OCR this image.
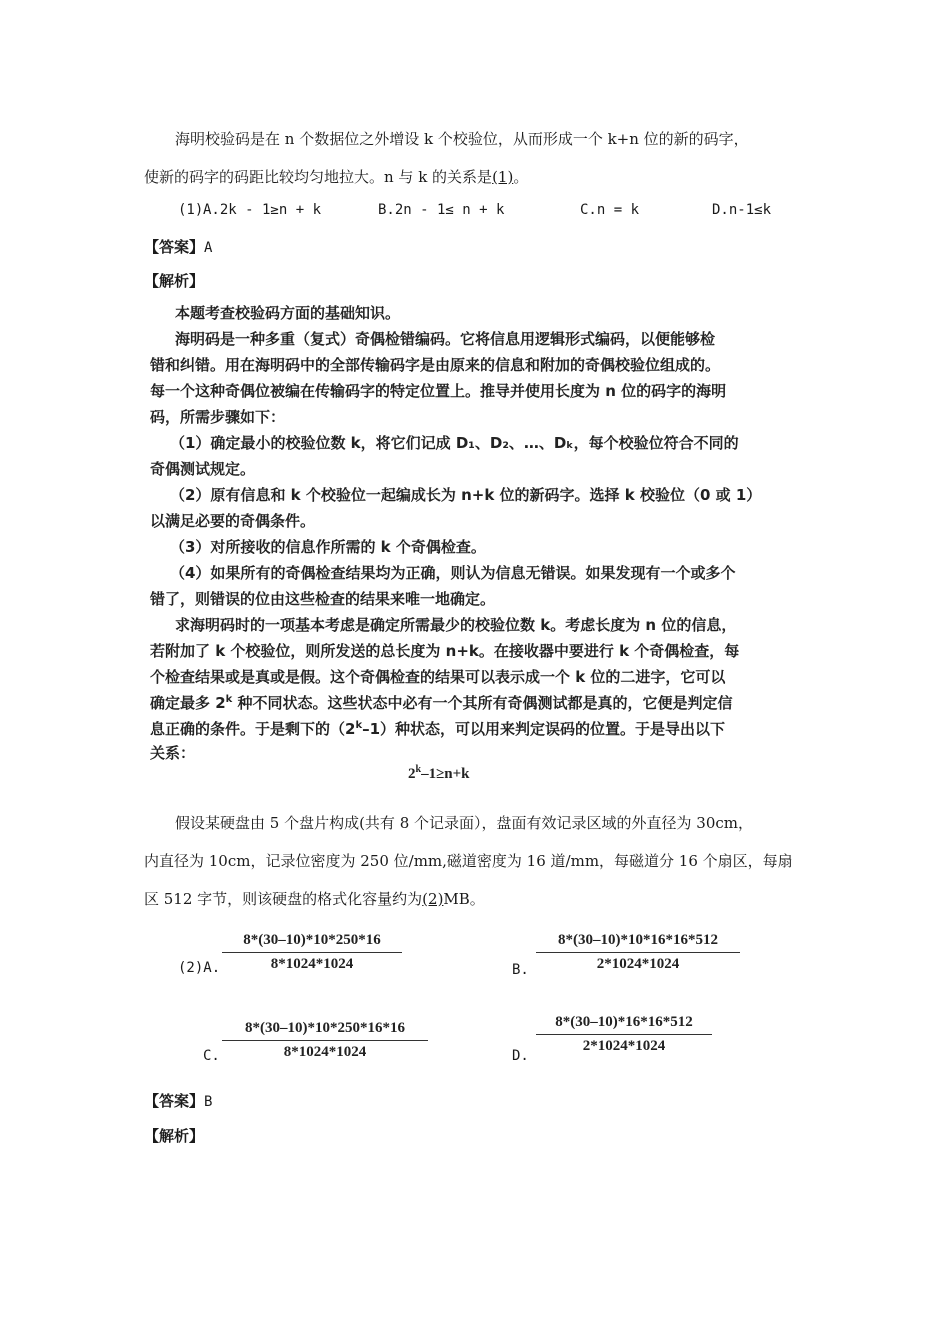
海明校验码是在 n 个数据位之外增设 k 个校验位，从而形成一个 k+n 位的新的码字，
使新的码字的码距比较均匀地拉大。n 与 k 的关系是(1)。
(1) A.2k - 1≥n + k	B.2n - 1≤ n + k	C.n = k	D.n-1≤k
【答案】A
【解析】
本题考查校验码方面的基础知识。
海明码是一种多重（复式）奇偶检错编码。它将信息用逻辑形式编码，以便能够检
错和纠错。用在海明码中的全部传输码字是由原来的信息和附加的奇偶校验位组成的。
每一个这种奇偶位被编在传输码字的特定位置上。推导并使用长度为 n 位的码字的海明
码，所需步骤如下：
（1）确定最小的校验位数 k，将它们记成 D₁、D₂、…、Dₖ，每个校验位符合不同的
奇偶测试规定。
（2）原有信息和 k 个校验位一起编成长为 n+k 位的新码字。选择 k 校验位（0 或 1）
以满足必要的奇偶条件。
（3）对所接收的信息作所需的 k 个奇偶检查。
（4）如果所有的奇偶检查结果均为正确，则认为信息无错误。如果发现有一个或多个
错了，则错误的位由这些检查的结果来唯一地确定。
求海明码时的一项基本考虑是确定所需最少的校验位数 k。考虑长度为 n 位的信息，
若附加了 k 个校验位，则所发送的总长度为 n+k。在接收器中要进行 k 个奇偶检查，每
个检查结果或是真或是假。这个奇偶检查的结果可以表示成一个 k 位的二进字，它可以
确定最多 2$^k$ 种不同状态。这些状态中必有一个其所有奇偶测试都是真的，它便是判定信
息正确的条件。于是剩下的（2$^k$–1）种状态，可以用来判定误码的位置。于是导出以下
关系：
$2^k-1\ge n+k$
假设某硬盘由 5 个盘片构成(共有 8 个记录面），盘面有效记录区域的外直径为 30cm，
内直径为 10cm，记录位密度为 250 位/mm,磁道密度为 16 道/mm，每磁道分 16 个扇区，每扇
区 512 字节，则该硬盘的格式化容量约为(2)MB。
(2)A. $\frac{8*(30-10)*10*250*16}{8*1024*1024}$	B. $\frac{8*(30-10)*10*16*16*512}{2*1024*1024}$
C. $\frac{8*(30-10)*10*250*16*16}{8*1024*1024}$	D.
$\frac{8*(30-10)*16*16*512}{2*1024*1024}$
【答案】B
【解析】
